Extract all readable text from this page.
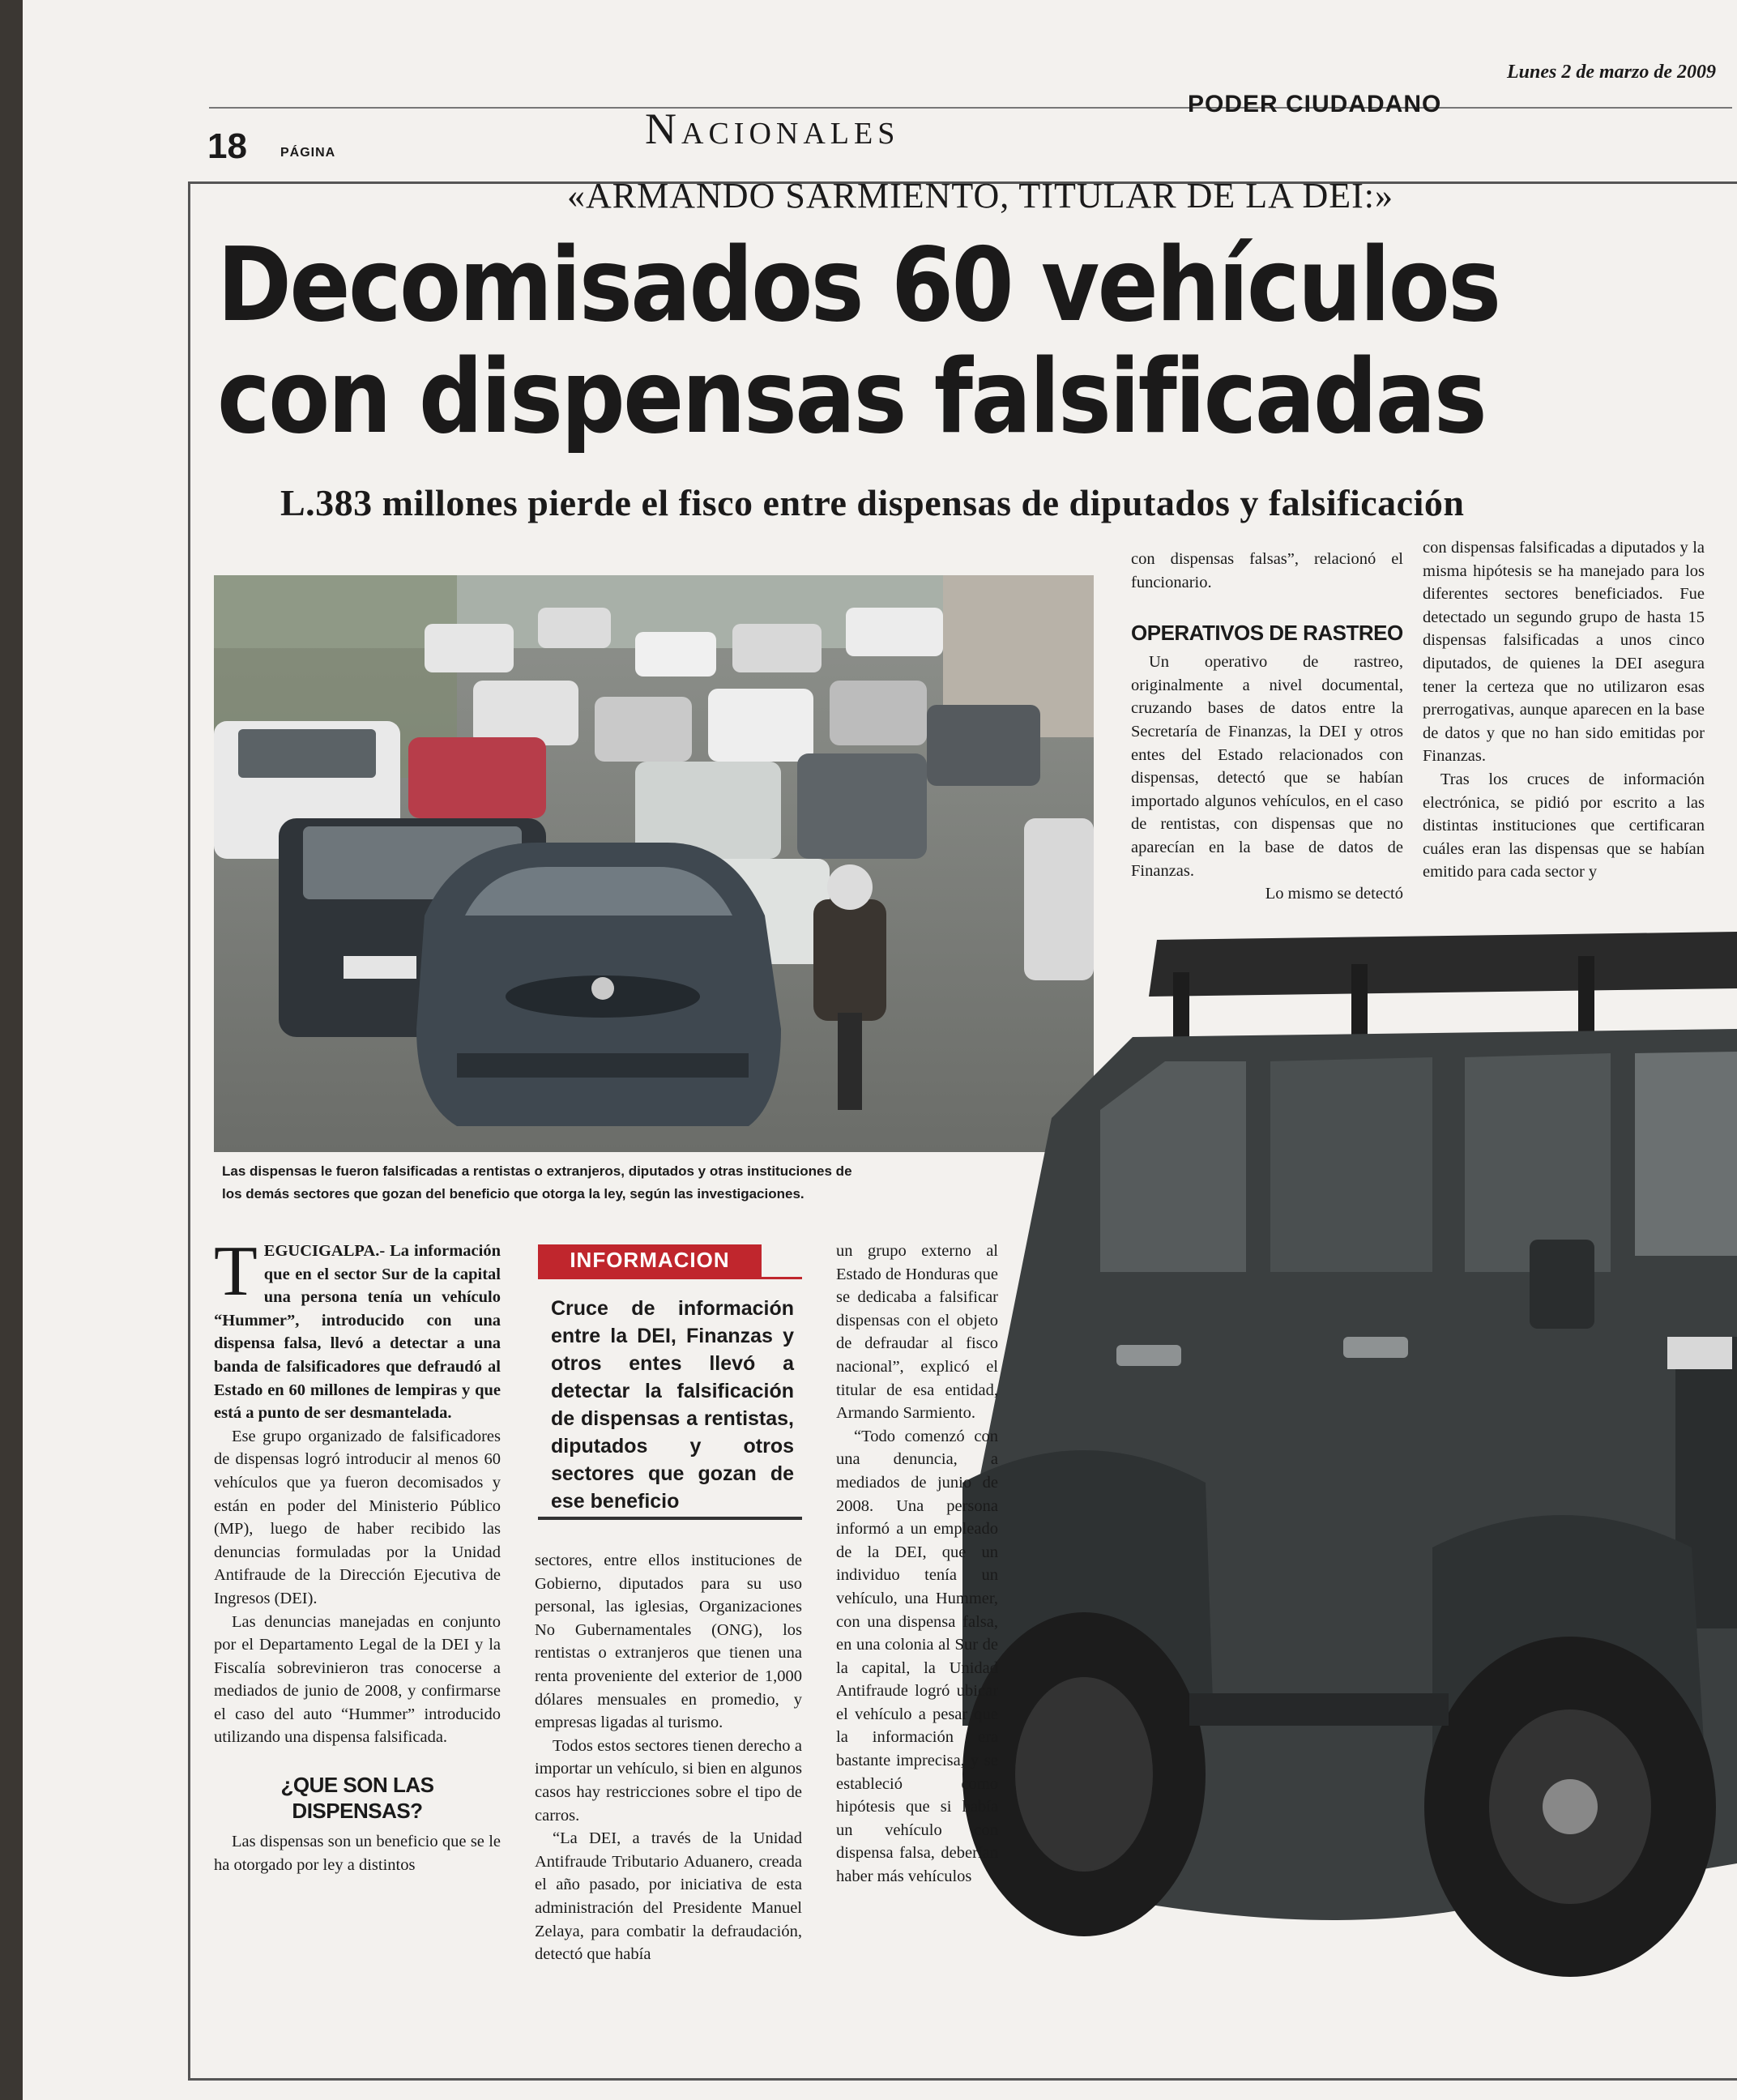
18	PÁGINA	Nacionales
PODER CIUDADANO
Lunes 2 de marzo de 2009
«ARMANDO SARMIENTO, TITULAR DE LA DEI:»
Decomisados 60 vehículos
con dispensas falsificadas
L.383 millones pierde el fisco entre dispensas de diputados y falsificación
Las dispensas le fueron falsificadas a rentistas o extranjeros, diputados y otras instituciones de
los demás sectores que gozan del beneficio que otorga la ley, según las investigaciones.

TEGUCIGALPA.- La información que en el sector Sur de la capital una persona tenía un vehículo “Hummer”, introducido con una dispensa falsa, llevó a detectar a una banda de falsificadores que defraudó al Estado en 60 millones de lempiras y que está a punto de ser desmantelada.

Ese grupo organizado de falsificadores de dispensas logró introducir al menos 60 vehículos que ya fueron decomisados y están en poder del Ministerio Público (MP), luego de haber recibido las denuncias formuladas por la Unidad Antifraude de la Dirección Ejecutiva de Ingresos (DEI).

Las denuncias manejadas en conjunto por el Departamento Legal de la DEI y la Fiscalía sobrevinieron tras conocerse a mediados de junio de 2008, y confirmarse el caso del auto “Hummer” introducido utilizando una dispensa falsificada.

¿QUE SON LAS DISPENSAS?

Las dispensas son un beneficio que se le ha otorgado por ley a distintos

INFORMACION
Cruce de información entre la DEI, Finanzas y otros entes llevó a detectar la falsificación de dispensas a rentistas, diputados y otros sectores que gozan de ese beneficio

sectores, entre ellos instituciones de Gobierno, diputados para su uso personal, las iglesias, Organizaciones No Gubernamentales (ONG), los rentistas o extranjeros que tienen una renta proveniente del exterior de 1,000 dólares mensuales en promedio, y empresas ligadas al turismo.

Todos estos sectores tienen derecho a importar un vehículo, si bien en algunos casos hay restricciones sobre el tipo de carros.

“La DEI, a través de la Unidad Antifraude Tributario Aduanero, creada el año pasado, por iniciativa de esta administración del Presidente Manuel Zelaya, para combatir la defraudación, detectó que había

un grupo externo al Estado de Honduras que se dedicaba a falsificar dispensas con el objeto de defraudar al fisco nacional”, explicó el titular de esa entidad, Armando Sarmiento.

“Todo comenzó con una denuncia, a mediados de junio de 2008. Una persona informó a un empleado de la DEI, que un individuo tenía un vehículo, una Hummer, con una dispensa falsa, en una colonia al Sur de la capital, la Unidad Antifraude logró ubicar el vehículo a pesar que la información era bastante imprecisa, y se estableció como hipótesis que si había un vehículo con dispensa falsa, deberían haber más vehículos

con dispensas falsas”, relacionó el funcionario.

OPERATIVOS DE RASTREO

Un operativo de rastreo, originalmente a nivel documental, cruzando bases de datos entre la Secretaría de Finanzas, la DEI y otros entes del Estado relacionados con dispensas, detectó que se habían importado algunos vehículos, en el caso de rentistas, con dispensas que no aparecían en la base de datos de Finanzas.

Lo mismo se detectó

con dispensas falsificadas a diputados y la misma hipótesis se ha manejado para los diferentes sectores beneficiados. Fue detectado un segundo grupo de hasta 15 dispensas falsificadas a unos cinco diputados, de quienes la DEI asegura tener la certeza que no utilizaron esas prerrogativas, aunque aparecen en la base de datos y que no han sido emitidas por Finanzas.

Tras los cruces de información electrónica, se pidió por escrito a las distintas instituciones que certificaran cuáles eran las dispensas que se habían emitido para cada sector y
